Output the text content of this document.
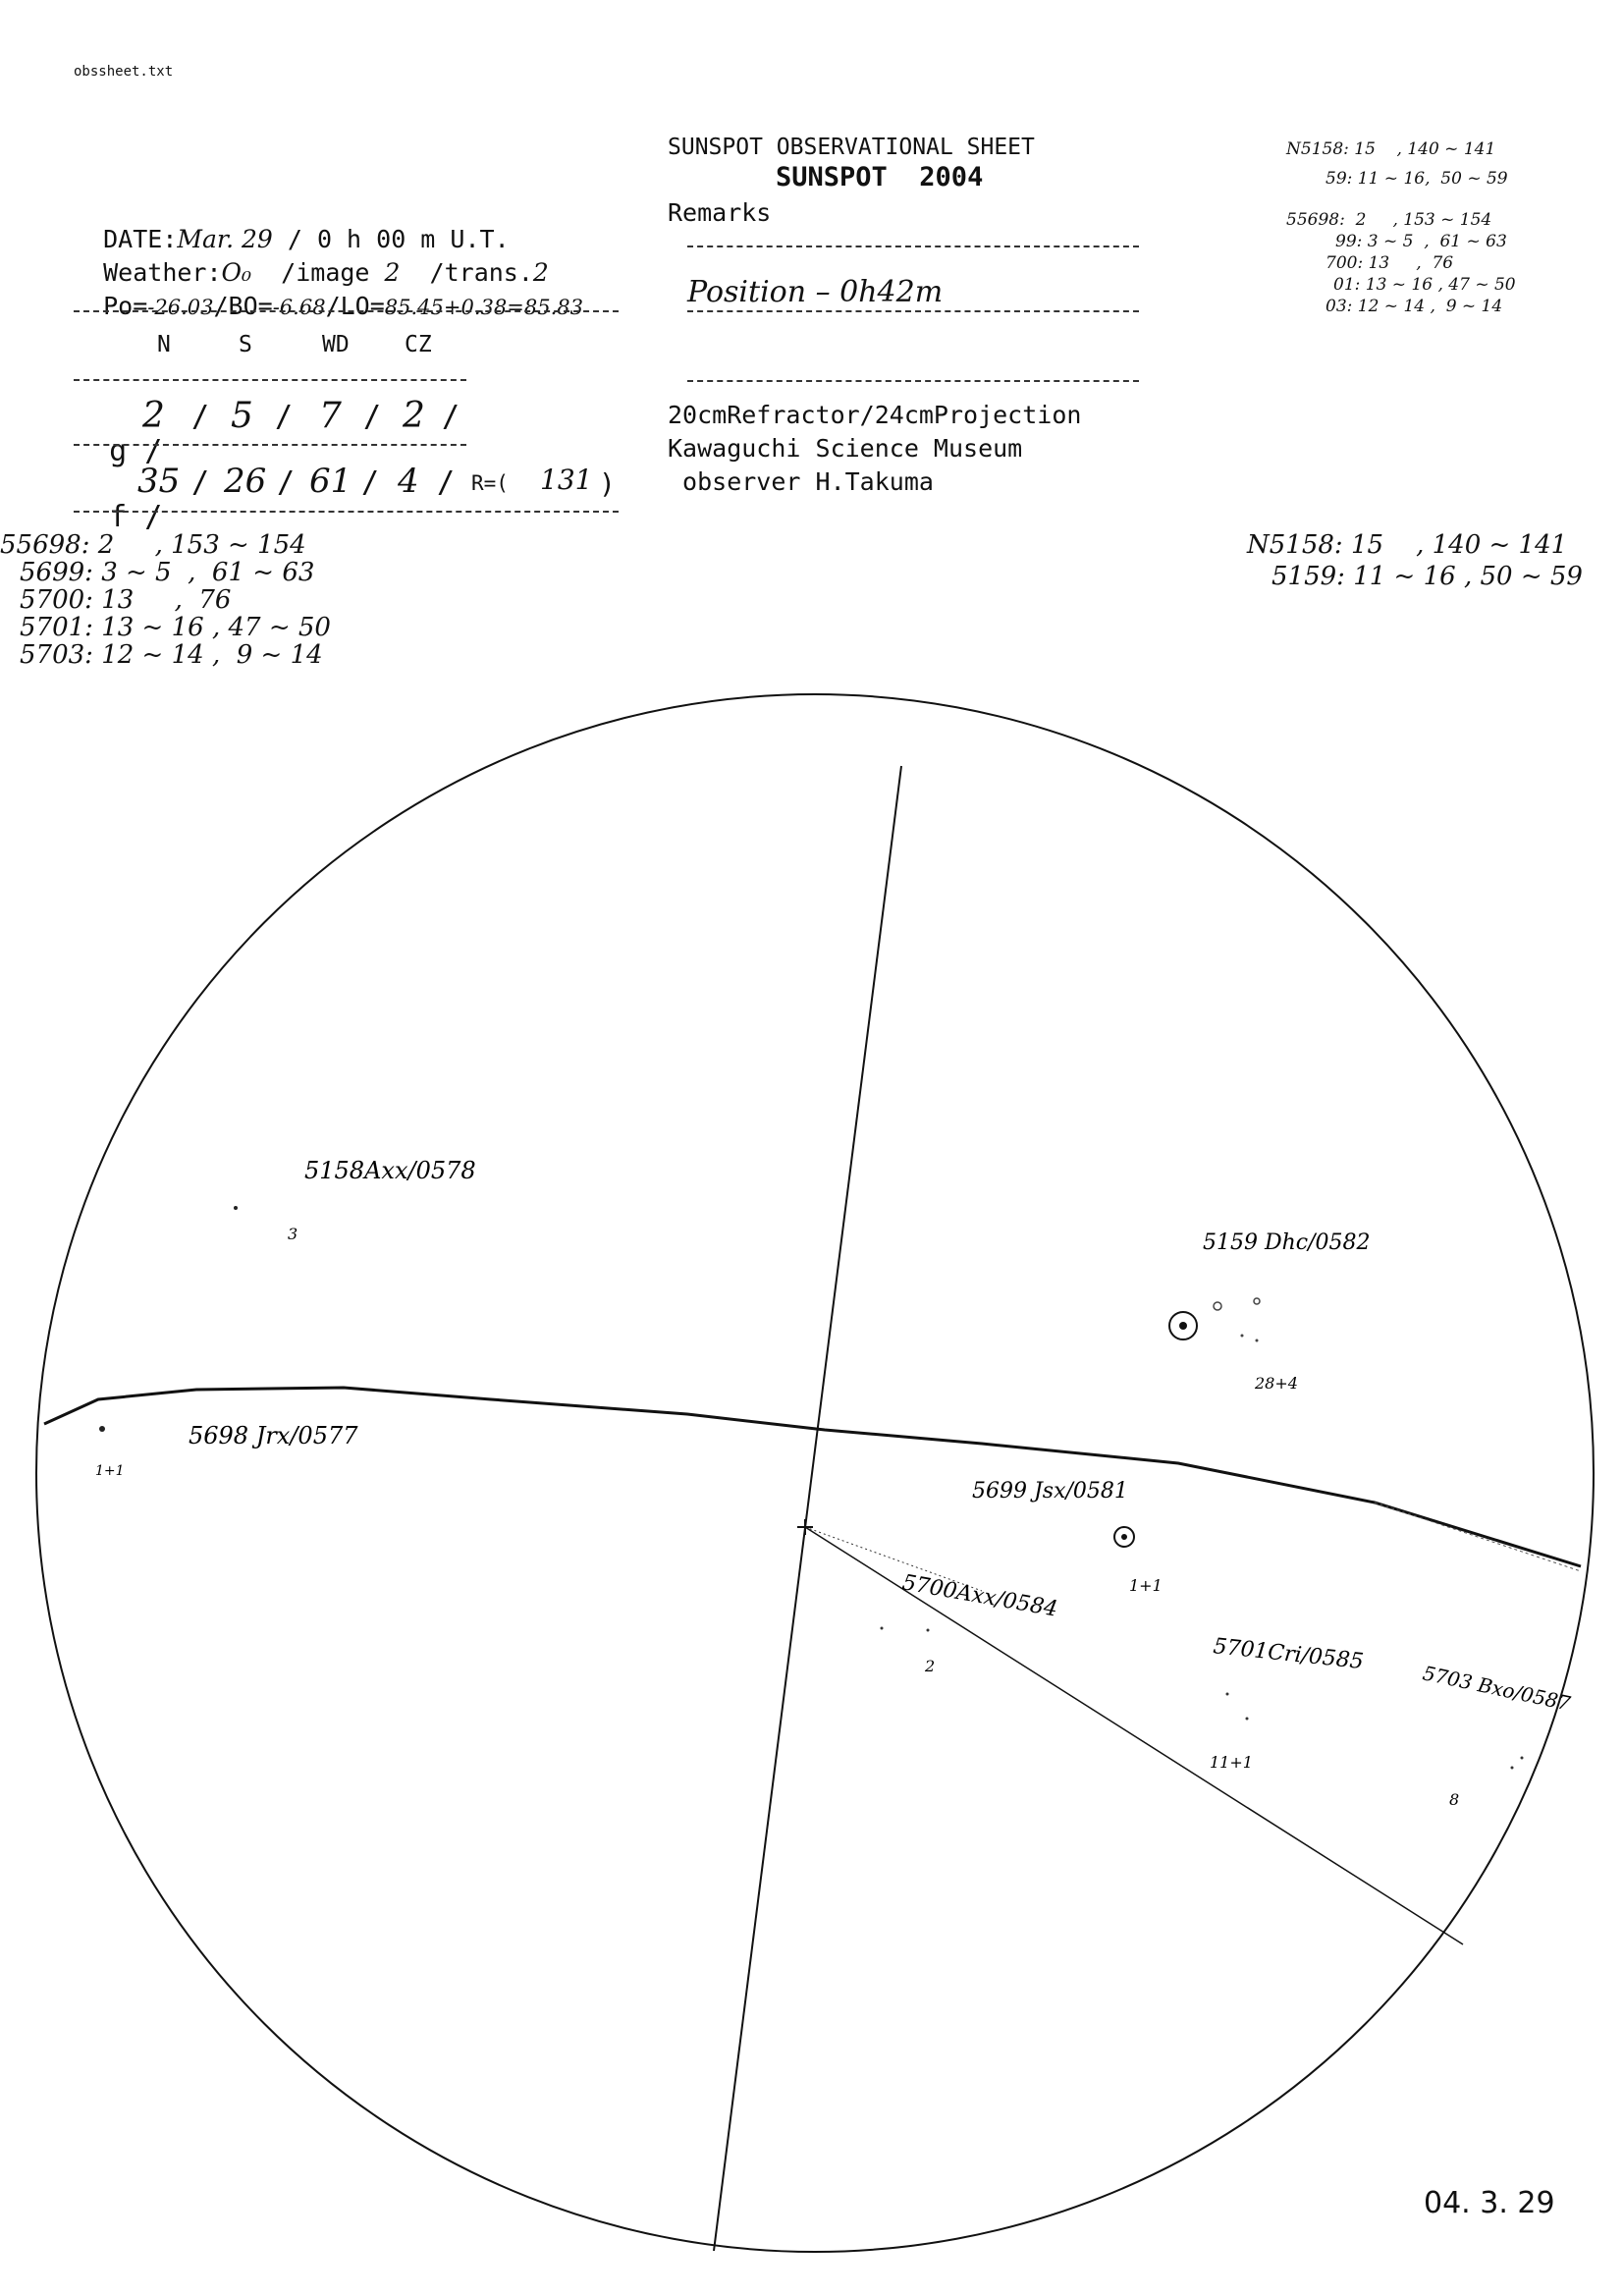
obssheet.txt
SUNSPOT OBSERVATIONAL SHEET
SUNSPOT  2004

DATE:Mar. 29 / 0 h 00 m U.T.

Weather:O₀  /image 2  /trans.2

Po=-26.03/BO=-6.68/LO=85.45+0.38=85.83

N	S	WD CZ

g /

2 / 5 / 7 / 2 /

f /

35 / 26 / 61 / 4 / R=( 131 )
Remarks
Position – 0h42m
20cmRefractor/24cmProjection
Kawaguchi Science Museum
observer H.Takuma
N5158: 15    , 140 ~ 141
59: 11 ~ 16,  50 ~ 59
55698:  2     , 153 ~ 154
99: 3 ~ 5  ,  61 ~ 63
700: 13     ,  76
01: 13 ~ 16 , 47 ~ 50
03: 12 ~ 14 ,  9 ~ 14
55698: 2     , 153 ~ 154
5699: 3 ~ 5  ,  61 ~ 63
5700: 13     ,  76
5701: 13 ~ 16 , 47 ~ 50
5703: 12 ~ 14 ,  9 ~ 14
N5158: 15    , 140 ~ 141
5159: 11 ~ 16 , 50 ~ 59
5158Axx/0578
3	5159 Dhc/0582
28+4
5698 Jrx/0577
1+1
5699 Jsx/0581
1+1
5700Axx/0584
2	5701Cri/0585
11+1
5703 Bxo/0587
8
04. 3. 29
